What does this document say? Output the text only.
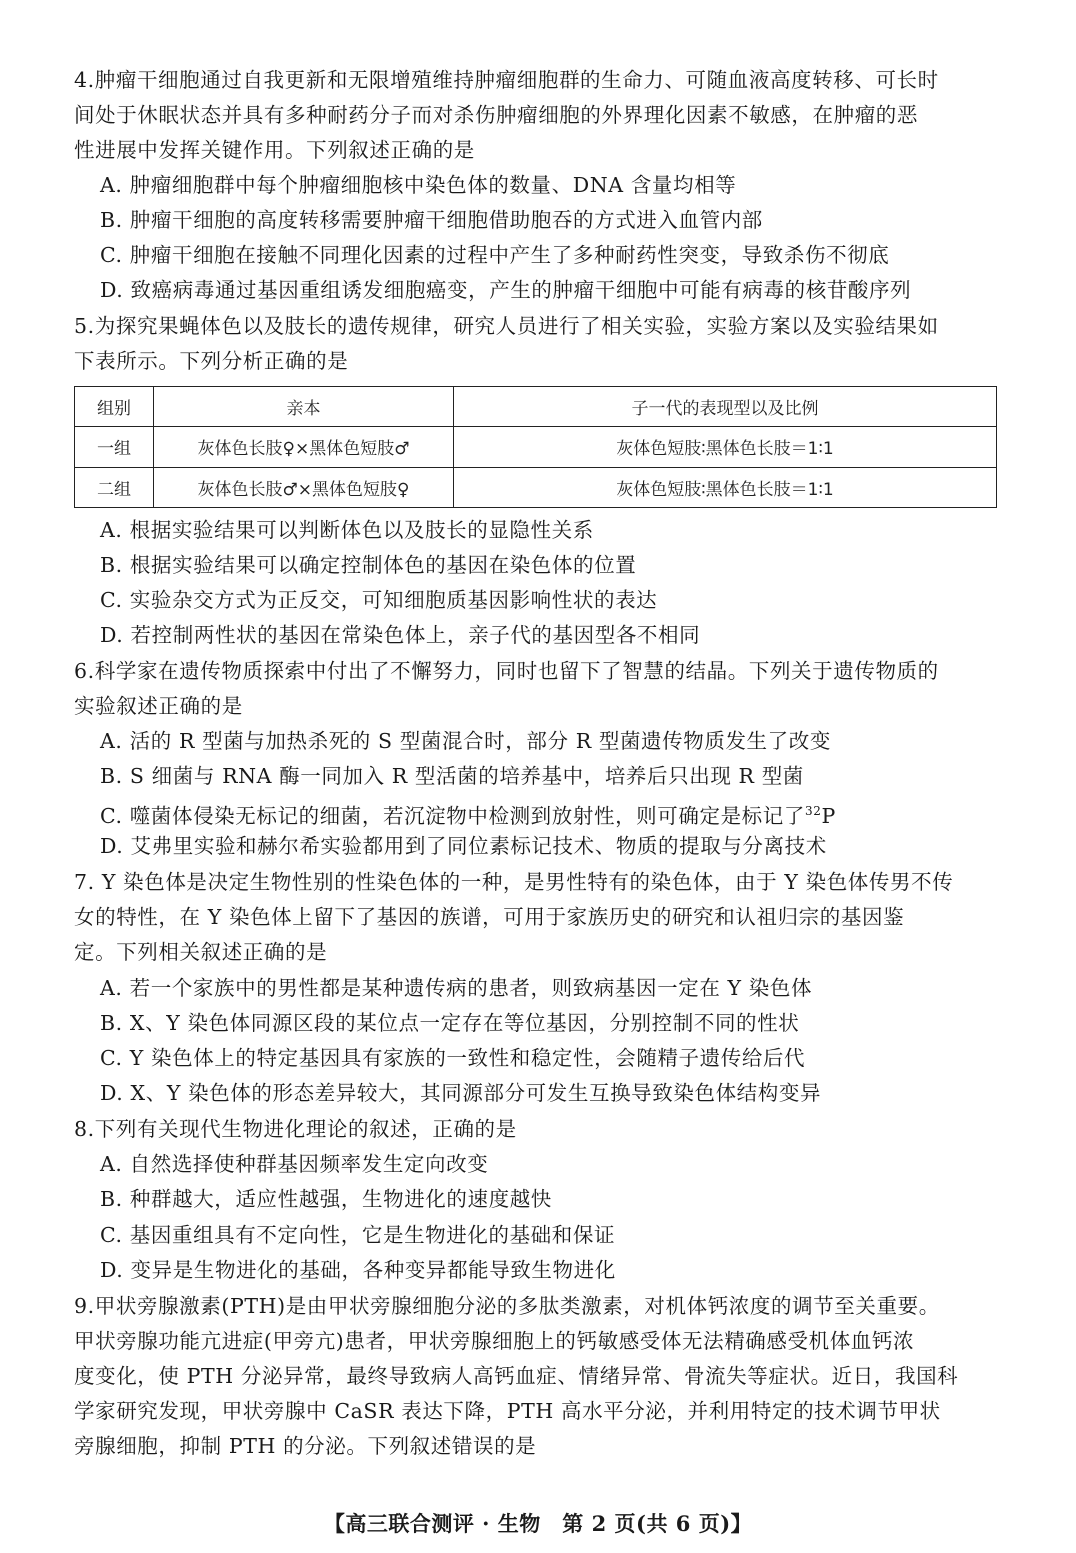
4.肿瘤干细胞通过自我更新和无限增殖维持肿瘤细胞群的生命力、可随血液高度转移、可长时
间处于休眠状态并具有多种耐药分子而对杀伤肿瘤细胞的外界理化因素不敏感，在肿瘤的恶
性进展中发挥关键作用。下列叙述正确的是
A. 肿瘤细胞群中每个肿瘤细胞核中染色体的数量、DNA 含量均相等
B. 肿瘤干细胞的高度转移需要肿瘤干细胞借助胞吞的方式进入血管内部
C. 肿瘤干细胞在接触不同理化因素的过程中产生了多种耐药性突变，导致杀伤不彻底
D. 致癌病毒通过基因重组诱发细胞癌变，产生的肿瘤干细胞中可能有病毒的核苷酸序列
5.为探究果蝇体色以及肢长的遗传规律，研究人员进行了相关实验，实验方案以及实验结果如
下表所示。下列分析正确的是
组别	亲本	子一代的表现型以及比例
一组	灰体色长肢♀×黑体色短肢♂	灰体色短肢∶黑体色长肢＝1∶1
二组	灰体色长肢♂×黑体色短肢♀	灰体色短肢∶黑体色长肢＝1∶1
A. 根据实验结果可以判断体色以及肢长的显隐性关系
B. 根据实验结果可以确定控制体色的基因在染色体的位置
C. 实验杂交方式为正反交，可知细胞质基因影响性状的表达
D. 若控制两性状的基因在常染色体上，亲子代的基因型各不相同
6.科学家在遗传物质探索中付出了不懈努力，同时也留下了智慧的结晶。下列关于遗传物质的
实验叙述正确的是
A. 活的 R 型菌与加热杀死的 S 型菌混合时，部分 R 型菌遗传物质发生了改变
B. S 细菌与 RNA 酶一同加入 R 型活菌的培养基中，培养后只出现 R 型菌
C. 噬菌体侵染无标记的细菌，若沉淀物中检测到放射性，则可确定是标记了$^{32}$P
D. 艾弗里实验和赫尔希实验都用到了同位素标记技术、物质的提取与分离技术
7. Y 染色体是决定生物性别的性染色体的一种，是男性特有的染色体，由于 Y 染色体传男不传
女的特性，在 Y 染色体上留下了基因的族谱，可用于家族历史的研究和认祖归宗的基因鉴
定。下列相关叙述正确的是
A. 若一个家族中的男性都是某种遗传病的患者，则致病基因一定在 Y 染色体
B. X、Y 染色体同源区段的某位点一定存在等位基因，分别控制不同的性状
C. Y 染色体上的特定基因具有家族的一致性和稳定性，会随精子遗传给后代
D. X、Y 染色体的形态差异较大，其同源部分可发生互换导致染色体结构变异
8.下列有关现代生物进化理论的叙述，正确的是
A. 自然选择使种群基因频率发生定向改变
B. 种群越大，适应性越强，生物进化的速度越快
C. 基因重组具有不定向性，它是生物进化的基础和保证
D. 变异是生物进化的基础，各种变异都能导致生物进化
9.甲状旁腺激素(PTH)是由甲状旁腺细胞分泌的多肽类激素，对机体钙浓度的调节至关重要。
甲状旁腺功能亢进症(甲旁亢)患者，甲状旁腺细胞上的钙敏感受体无法精确感受机体血钙浓
度变化，使 PTH 分泌异常，最终导致病人高钙血症、情绪异常、骨流失等症状。近日，我国科
学家研究发现，甲状旁腺中 CaSR 表达下降，PTH 高水平分泌，并利用特定的技术调节甲状
旁腺细胞，抑制 PTH 的分泌。下列叙述错误的是
【高三联合测评 · 生物　第 2 页(共 6 页)】
